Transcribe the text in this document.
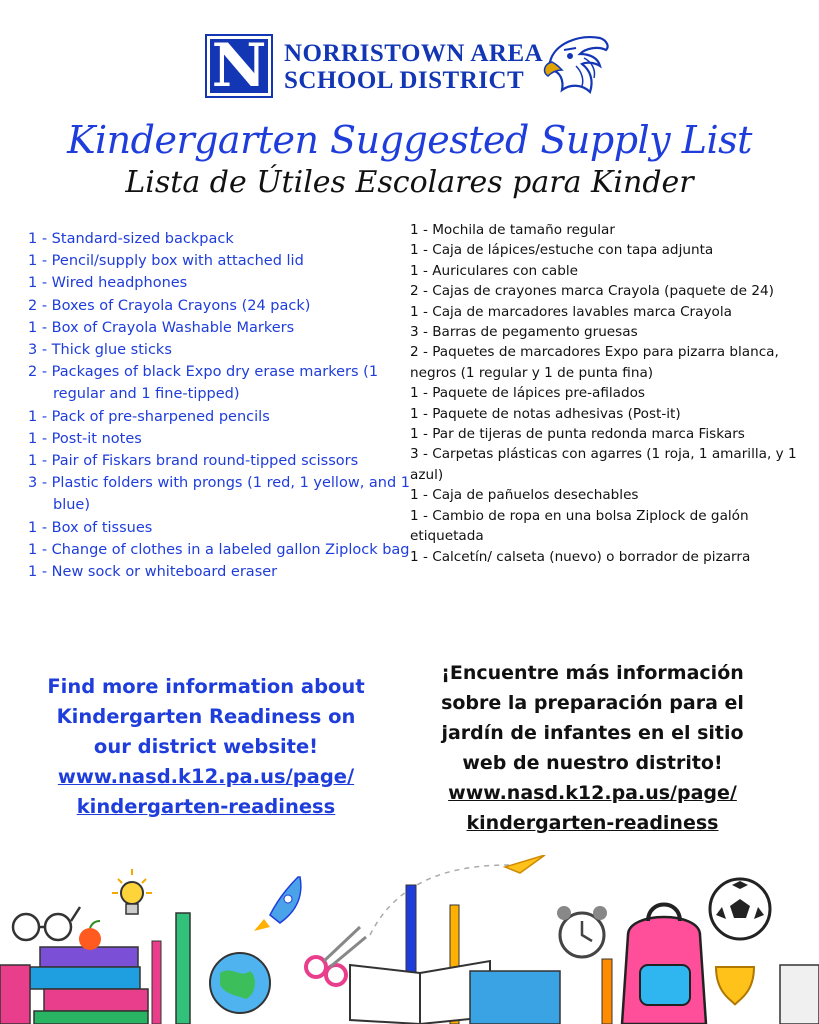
N NORRISTOWN AREA
SCHOOL DISTRICT
Kindergarten Suggested Supply List
Lista de Útiles Escolares para Kinder
1 - Standard-sized backpack
1 - Pencil/supply box with attached lid
1 - Wired headphones
2 - Boxes of Crayola Crayons (24 pack)
1 - Box of Crayola Washable Markers
3 - Thick glue sticks
2 - Packages of black Expo dry erase markers (1 regular and 1 fine-tipped)
1 - Pack of pre-sharpened pencils
1 - Post-it notes
1 - Pair of Fiskars brand round-tipped scissors
3 - Plastic folders with prongs (1 red, 1 yellow, and 1 blue)
1 - Box of tissues
1 - Change of clothes in a labeled gallon Ziplock bag
1 - New sock or whiteboard eraser
1 - Mochila de tamaño regular
1 - Caja de lápices/estuche con tapa adjunta
1 - Auriculares con cable
2 - Cajas de crayones marca Crayola (paquete de 24)
1 - Caja de marcadores lavables marca Crayola
3 - Barras de pegamento gruesas
2 - Paquetes de marcadores Expo para pizarra blanca, negros (1 regular y 1 de punta fina)
1 - Paquete de lápices pre-afilados
1 - Paquete de notas adhesivas (Post-it)
1 - Par de tijeras de punta redonda marca Fiskars
3 - Carpetas plásticas con agarres (1 roja, 1 amarilla, y 1 azul)
1 - Caja de pañuelos desechables
1 - Cambio de ropa en una bolsa Ziplock de galón etiquetada
1 - Calcetín/ calseta (nuevo) o borrador de pizarra
Find more information about Kindergarten Readiness on our district website!
www.nasd.k12.pa.us/page/
kindergarten-readiness
¡Encuentre más información sobre la preparación para el jardín de infantes en el sitio web de nuestro distrito!
www.nasd.k12.pa.us/page/
kindergarten-readiness
